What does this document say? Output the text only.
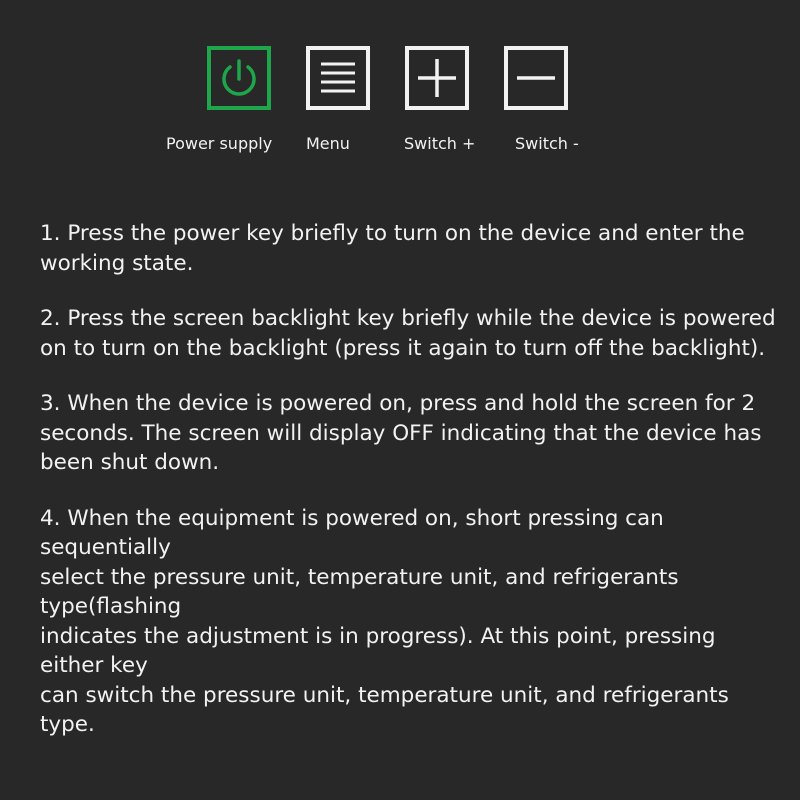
Power supply Menu	Switch + Switch -

1. Press the power key briefly to turn on the device and enter the working state.

2. Press the screen backlight key briefly while the device is powered on to turn on the backlight (press it again to turn off the backlight).

3. When the device is powered on, press and hold the screen for 2 seconds. The screen will display OFF indicating that the device has been shut down.

4. When the equipment is powered on, short pressing can sequentially
select the pressure unit, temperature unit, and refrigerants type(flashing
indicates the adjustment is in progress). At this point, pressing either key
can switch the pressure unit, temperature unit, and refrigerants type.
